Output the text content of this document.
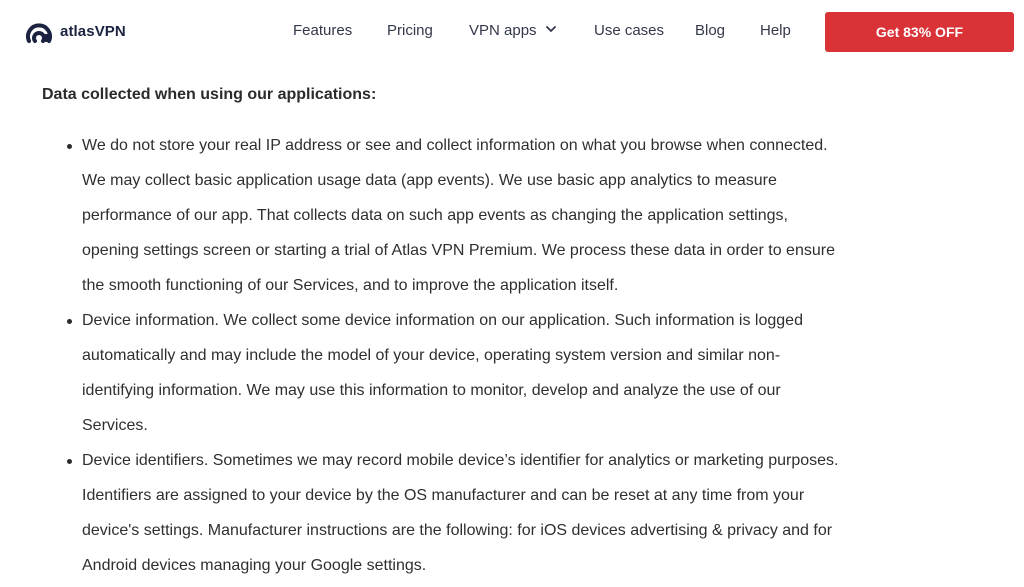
atlasVPN	Features Pricing VPN apps	Use cases Blog Help	Get 83% OFF
Data collected when using our applications:
We do not store your real IP address or see and collect information on what you browse when connected.
We may collect basic application usage data (app events). We use basic app analytics to measure
performance of our app. That collects data on such app events as changing the application settings,
opening settings screen or starting a trial of Atlas VPN Premium. We process these data in order to ensure
the smooth functioning of our Services, and to improve the application itself.
Device information. We collect some device information on our application. Such information is logged
automatically and may include the model of your device, operating system version and similar non-
identifying information. We may use this information to monitor, develop and analyze the use of our
Services.
Device identifiers. Sometimes we may record mobile device’s identifier for analytics or marketing purposes.
Identifiers are assigned to your device by the OS manufacturer and can be reset at any time from your
device's settings. Manufacturer instructions are the following: for iOS devices advertising & privacy and for
Android devices managing your Google settings.
